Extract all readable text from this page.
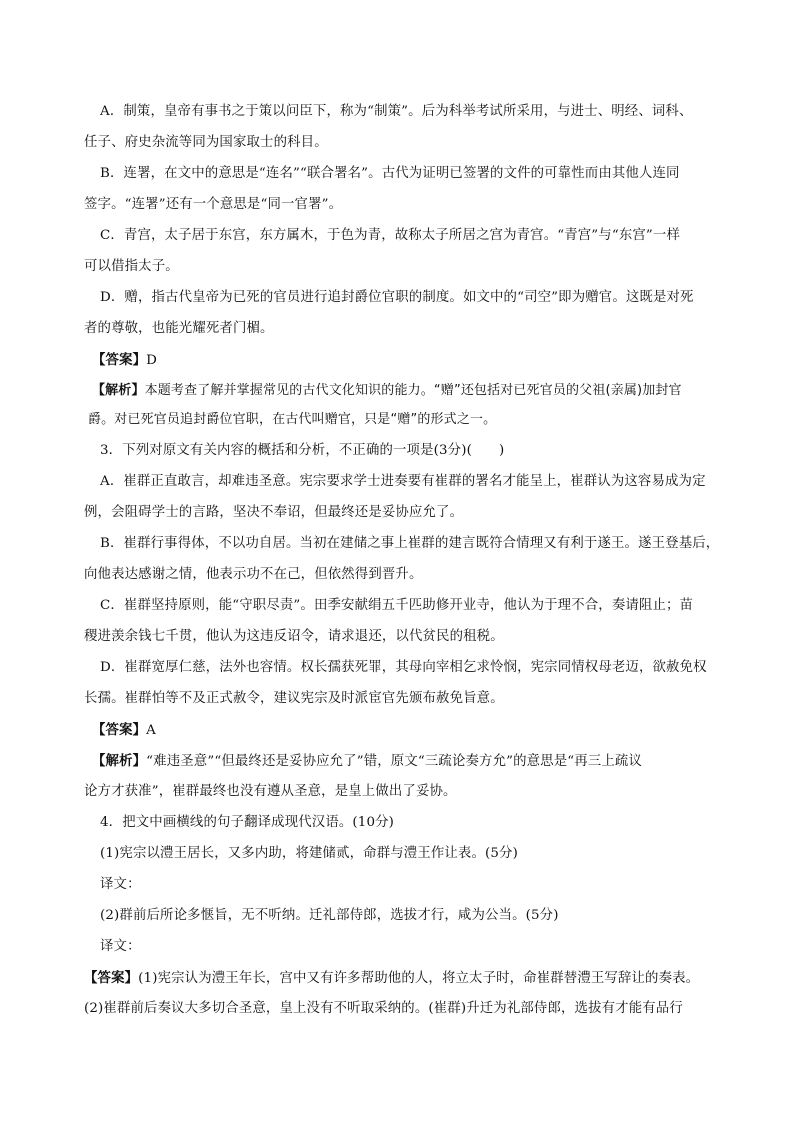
A．制策，皇帝有事书之于策以问臣下，称为“制策”。后为科举考试所采用，与进士、明经、词科、
任子、府史杂流等同为国家取士的科目。
B．连署，在文中的意思是“连名”“联合署名”。古代为证明已签署的文件的可靠性而由其他人连同
签字。“连署”还有一个意思是“同一官署”。
C．青宫，太子居于东宫，东方属木，于色为青，故称太子所居之宫为青宫。“青宫”与“东宫”一样
可以借指太子。
D．赠，指古代皇帝为已死的官员进行追封爵位官职的制度。如文中的“司空”即为赠官。这既是对死
者的尊敬，也能光耀死者门楣。
【答案】D
【解析】本题考查了解并掌握常见的古代文化知识的能力。“赠”还包括对已死官员的父祖(亲属)加封官
爵。对已死官员追封爵位官职，在古代叫赠官，只是“赠”的形式之一。
3．下列对原文有关内容的概括和分析，不正确的一项是(3分)(　　)
A．崔群正直敢言，却难违圣意。宪宗要求学士进奏要有崔群的署名才能呈上，崔群认为这容易成为定
例，会阻碍学士的言路，坚决不奉诏，但最终还是妥协应允了。
B．崔群行事得体，不以功自居。当初在建储之事上崔群的建言既符合情理又有利于遂王。遂王登基后，
向他表达感谢之情，他表示功不在己，但依然得到晋升。
C．崔群坚持原则，能“守职尽责”。田季安献绢五千匹助修开业寺，他认为于理不合，奏请阻止；苗
稷进羡余钱七千贯，他认为这违反诏令，请求退还，以代贫民的租税。
D．崔群宽厚仁慈，法外也容情。权长孺获死罪，其母向宰相乞求怜悯，宪宗同情权母老迈，欲赦免权
长孺。崔群怕等不及正式赦令，建议宪宗及时派宦官先颁布赦免旨意。
【答案】A
【解析】“难违圣意”“但最终还是妥协应允了”错，原文“三疏论奏方允”的意思是“再三上疏议
论方才获准”，崔群最终也没有遵从圣意，是皇上做出了妥协。
4．把文中画横线的句子翻译成现代汉语。(10分)
(1)宪宗以澧王居长，又多内助，将建储贰，命群与澧王作让表。(5分)
译文：
(2)群前后所论多惬旨，无不听纳。迁礼部侍郎，选拔才行，咸为公当。(5分)
译文：
【答案】(1)宪宗认为澧王年长，宫中又有许多帮助他的人，将立太子时，命崔群替澧王写辞让的奏表。
(2)崔群前后奏议大多切合圣意，皇上没有不听取采纳的。(崔群)升迁为礼部侍郎，选拔有才能有品行
